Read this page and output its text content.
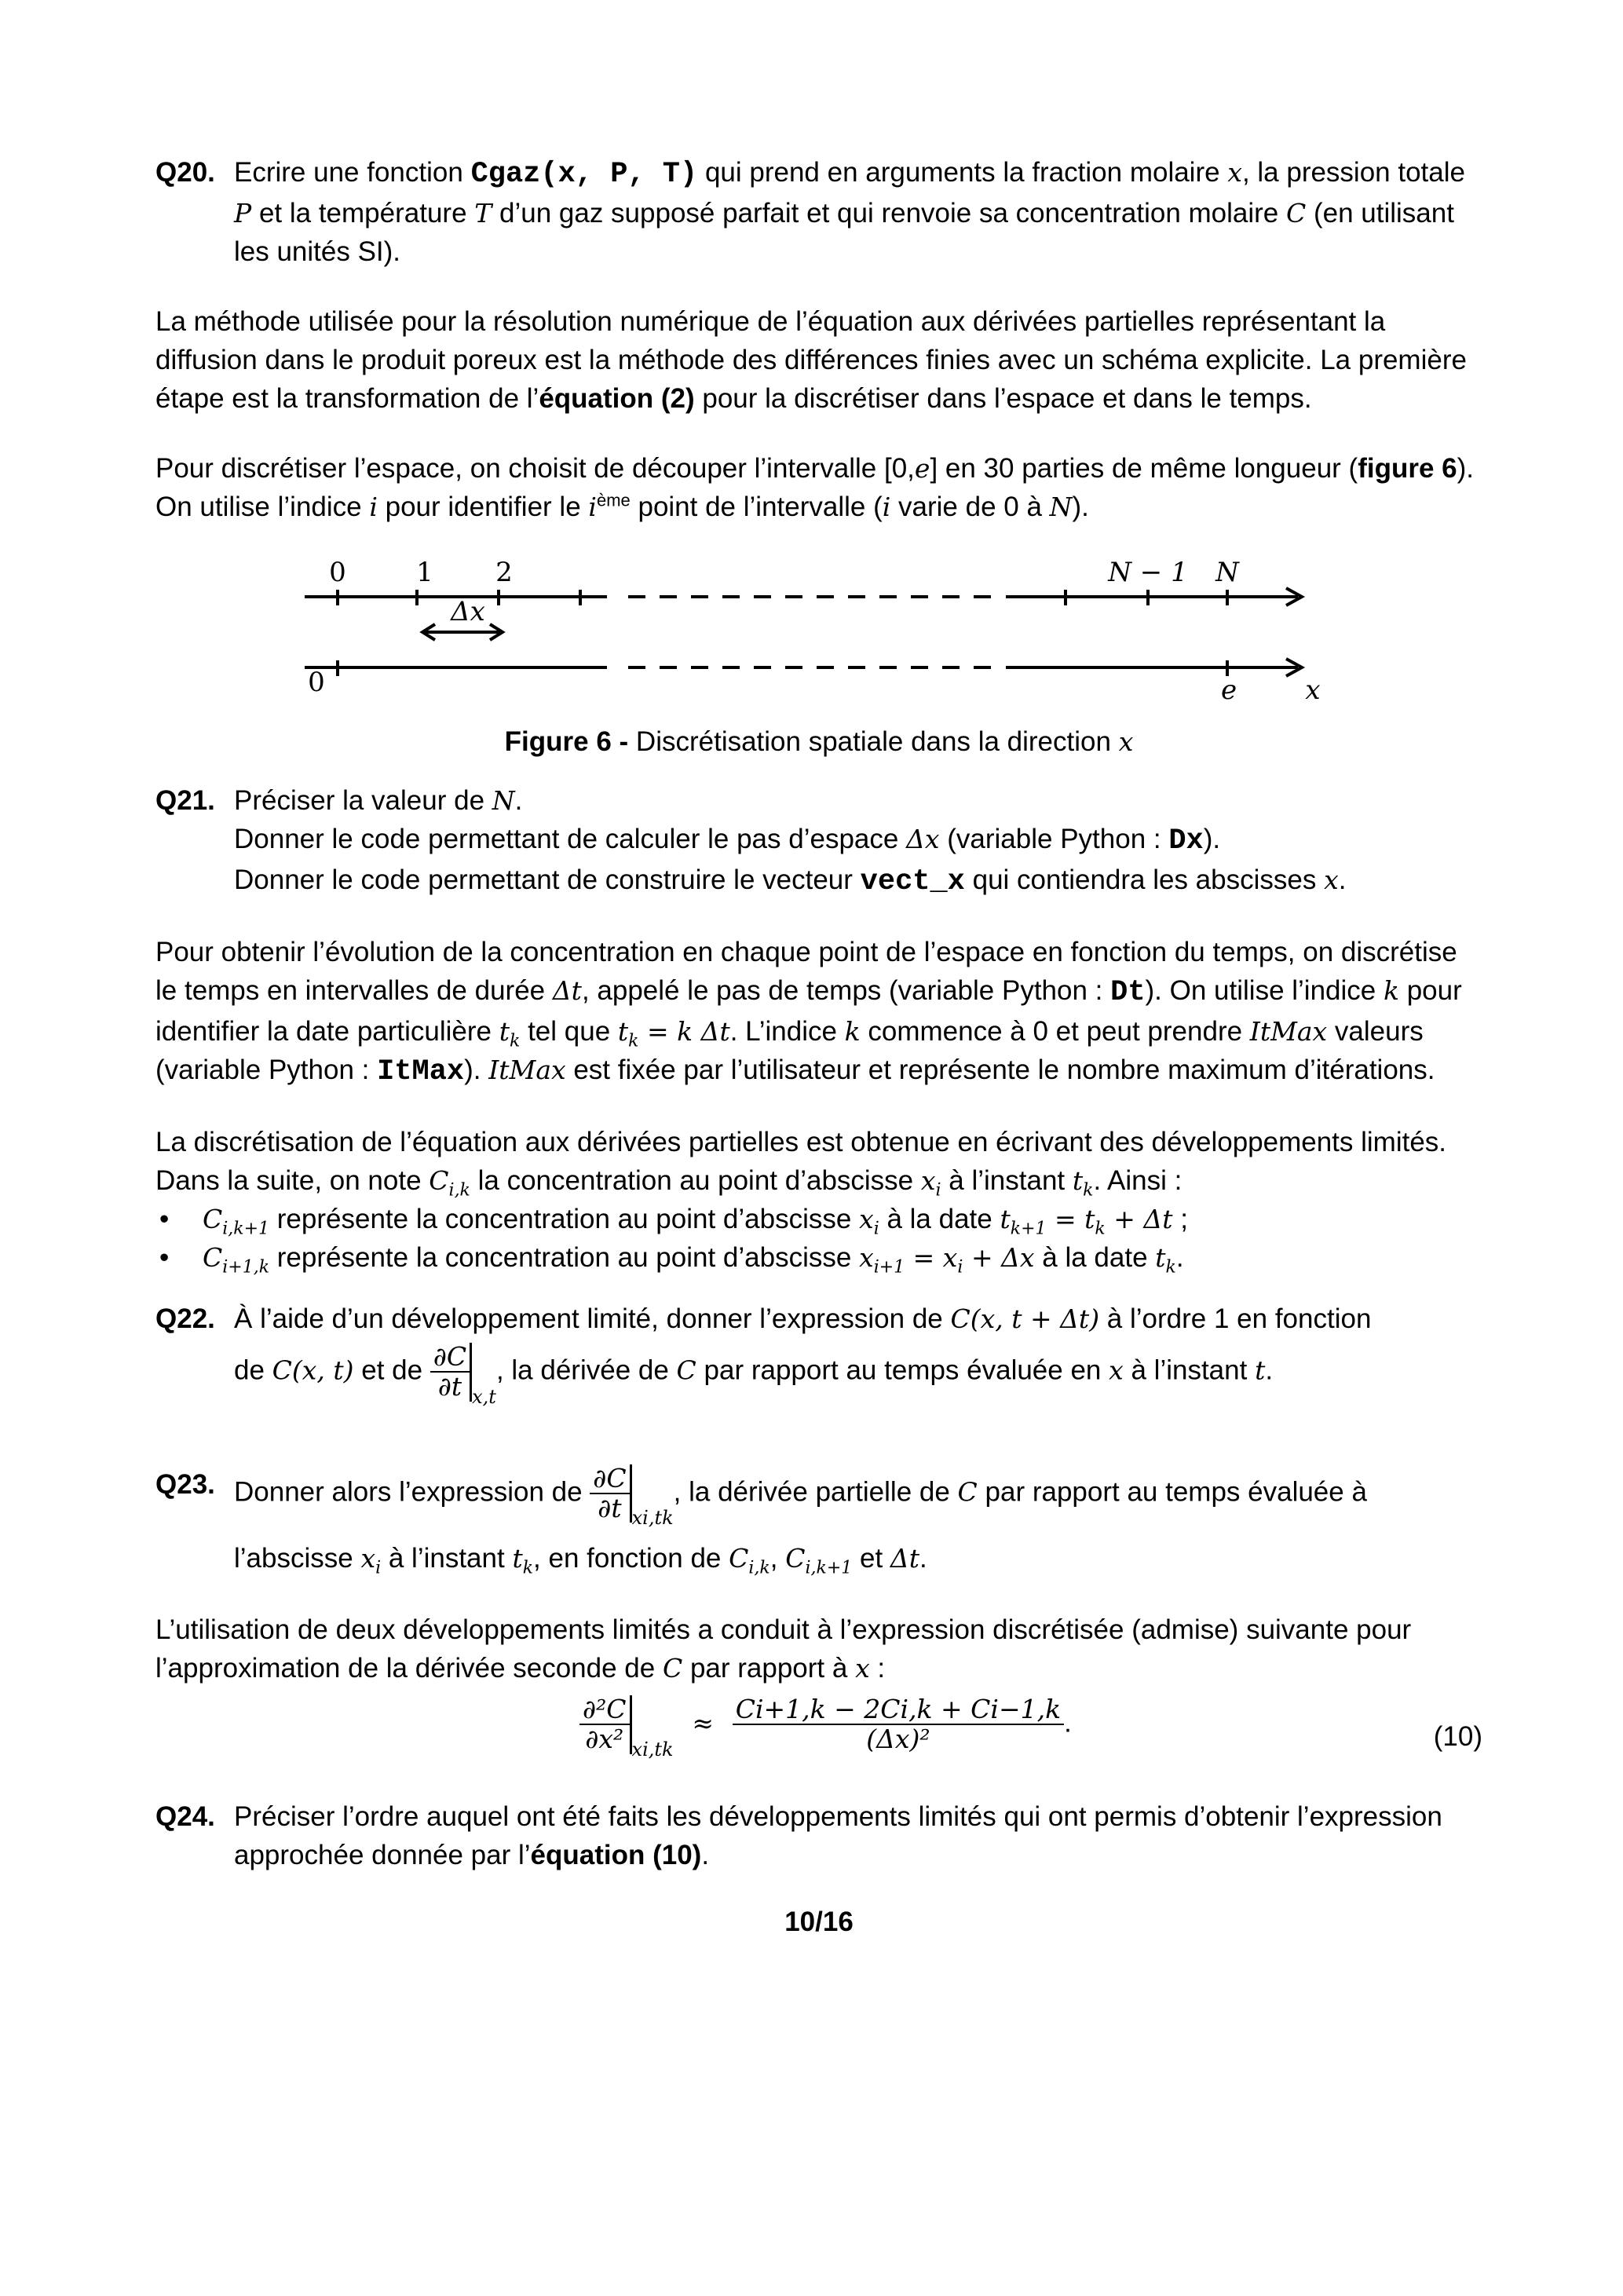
Q20. Ecrire une fonction Cgaz(x, P, T) qui prend en arguments la fraction molaire x, la pression totale P et la température T d’un gaz supposé parfait et qui renvoie sa concentration molaire C (en utilisant les unités SI).

La méthode utilisée pour la résolution numérique de l’équation aux dérivées partielles représentant la diffusion dans le produit poreux est la méthode des différences finies avec un schéma explicite. La première étape est la transformation de l’équation (2) pour la discrétiser dans l’espace et dans le temps.

Pour discrétiser l’espace, on choisit de découper l’intervalle [0,e] en 30 parties de même longueur (figure 6). On utilise l’indice i pour identifier le $i^{ème}$ point de l’intervalle (i varie de 0 à N).

0	1 2	N − 1 N
Δx
0	e	x

Figure 6 - Discrétisation spatiale dans la direction x

Q21. Préciser la valeur de N.

Donner le code permettant de calculer le pas d’espace Δx (variable Python : Dx).

Donner le code permettant de construire le vecteur vect_x qui contiendra les abscisses x.

Pour obtenir l’évolution de la concentration en chaque point de l’espace en fonction du temps, on discrétise le temps en intervalles de durée Δt, appelé le pas de temps (variable Python : Dt). On utilise l’indice k pour identifier la date particulière $t_k$ tel que $t_k = k$ Δt. L’indice k commence à 0 et peut prendre ItMax valeurs (variable Python : ItMax). ItMax est fixée par l’utilisateur et représente le nombre maximum d’itérations.

La discrétisation de l’équation aux dérivées partielles est obtenue en écrivant des développements limités. Dans la suite, on note $C_{i,k}$ la concentration au point d’abscisse $x_i$ à l’instant $t_k$. Ainsi :

• $C_{i,k+1}$ représente la concentration au point d’abscisse $x_i$ à la date $t_{k+1} = t_k + \Delta t$ ;
• $C_{i+1,k}$ représente la concentration au point d’abscisse $x_{i+1} = x_i + \Delta x$ à la date $t_k$.
Q22. À l’aide d’un développement limité, donner l’expression de C(x, t + Δt) à l’ordre 1 en fonction

de C(x, t) et de $\frac{\partial C}{\partial t} x,t$, la dérivée de C par rapport au temps évaluée en x à l’instant t.

Q23. Donner alors l’expression de $\frac{\partial C}{\partial t} xi,tk$, la dérivée partielle de C par rapport au temps évaluée à l’abscisse $x_i$ à l’instant $t_k$, en fonction de $C_{i,k}$, $C_{i,k+1}$ et Δt.

L’utilisation de deux développements limités a conduit à l’expression discrétisée (admise) suivante pour l’approximation de la dérivée seconde de C par rapport à x :

$\frac{\text{∂²C}}{\text{∂x²}} xi,tk \approx \frac{Ci+1,k - 2Ci,k + Ci-1,k}{\text{(Δx)²}}$ .	(10)
Q24. Préciser l’ordre auquel ont été faits les développements limités qui ont permis d’obtenir l’expression approchée donnée par l’équation (10).

10/16
